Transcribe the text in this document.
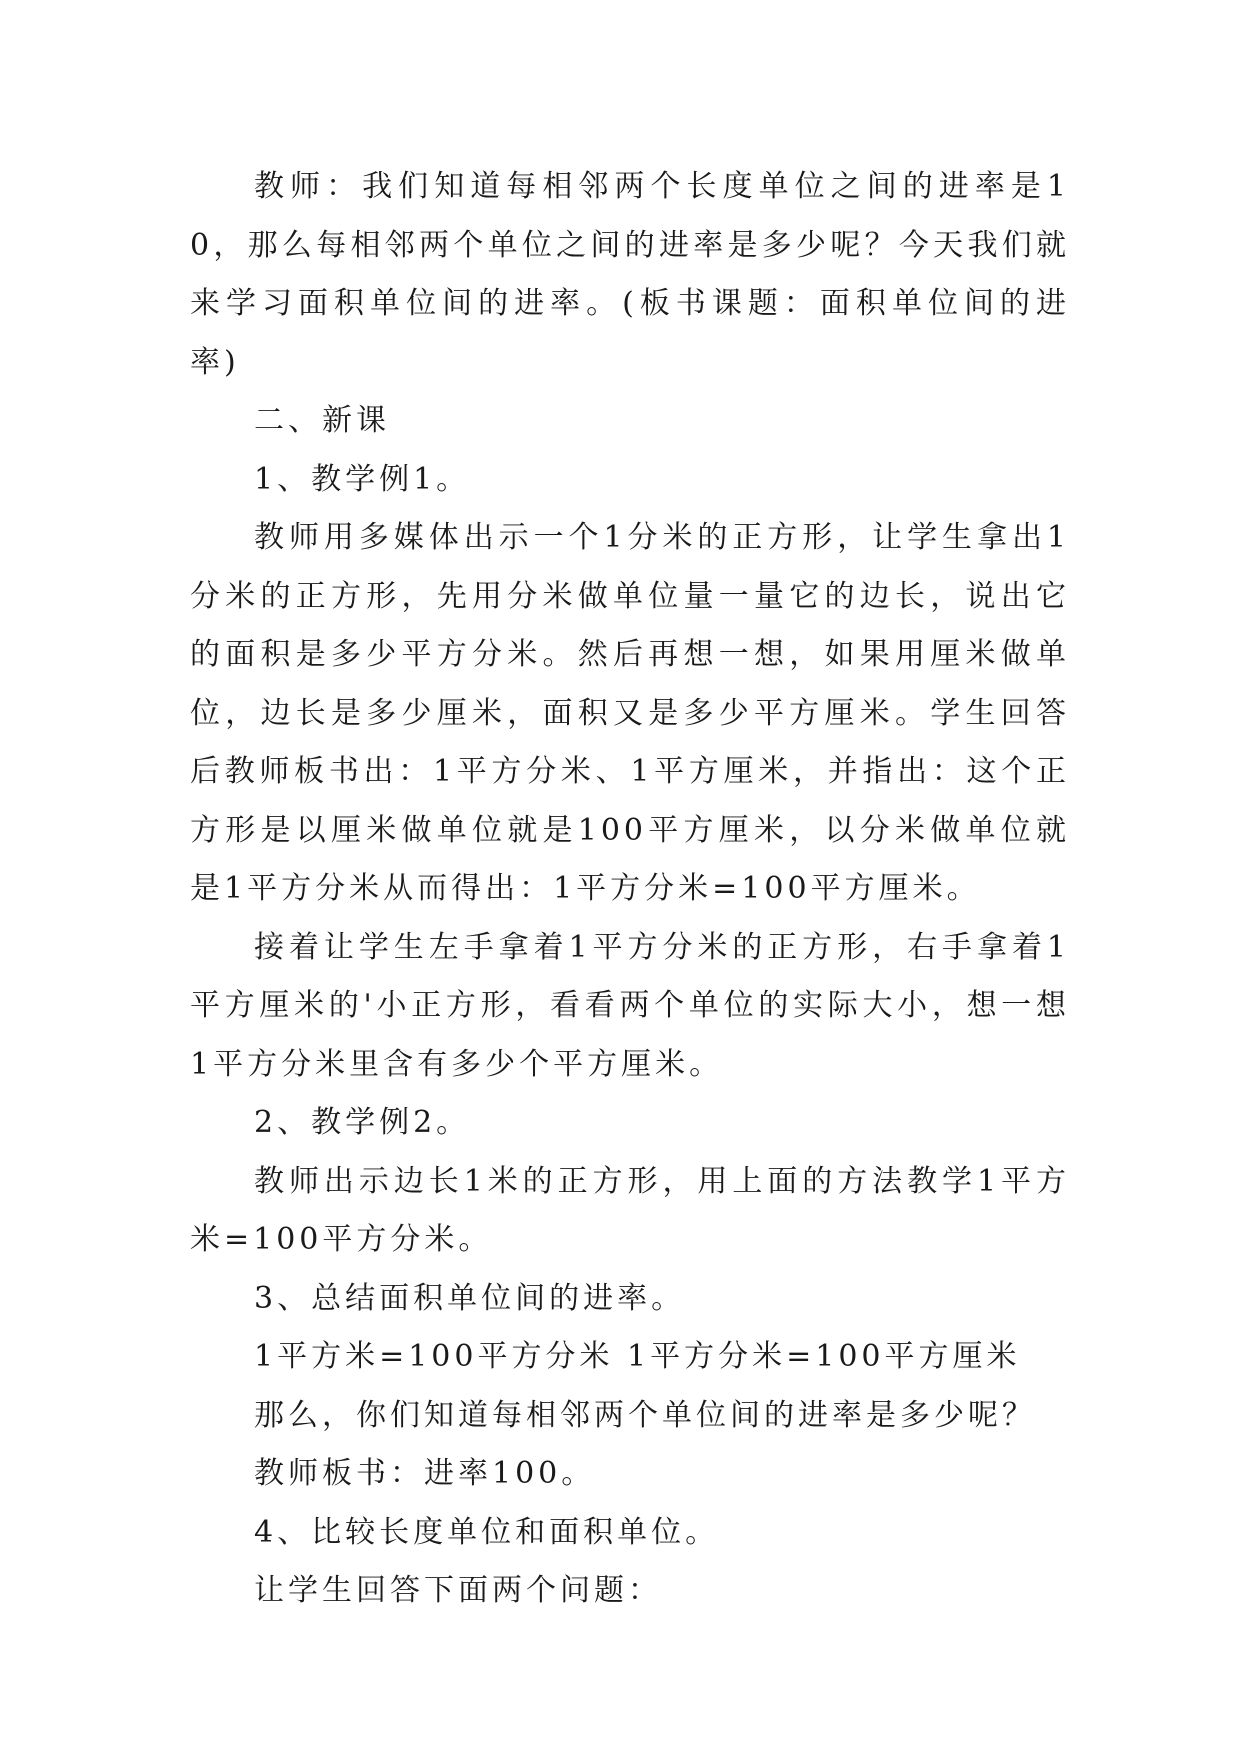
教师：我们知道每相邻两个长度单位之间的进率是10，那么每相邻两个单位之间的进率是多少呢？今天我们就来学习面积单位间的进率。(板书课题：面积单位间的进率)

二、新课

1、教学例1。

教师用多媒体出示一个1分米的正方形，让学生拿出1分米的正方形，先用分米做单位量一量它的边长，说出它的面积是多少平方分米。然后再想一想，如果用厘米做单位，边长是多少厘米，面积又是多少平方厘米。学生回答后教师板书出：1平方分米、1平方厘米，并指出：这个正方形是以厘米做单位就是100平方厘米，以分米做单位就是1平方分米从而得出：1平方分米=100平方厘米。

接着让学生左手拿着1平方分米的正方形，右手拿着1平方厘米的'小正方形，看看两个单位的实际大小，想一想1平方分米里含有多少个平方厘米。

2、教学例2。

教师出示边长1米的正方形，用上面的方法教学1平方米=100平方分米。

3、总结面积单位间的进率。

1平方米=100平方分米 1平方分米=100平方厘米

那么，你们知道每相邻两个单位间的进率是多少呢？

教师板书：进率100。

4、比较长度单位和面积单位。

让学生回答下面两个问题：
